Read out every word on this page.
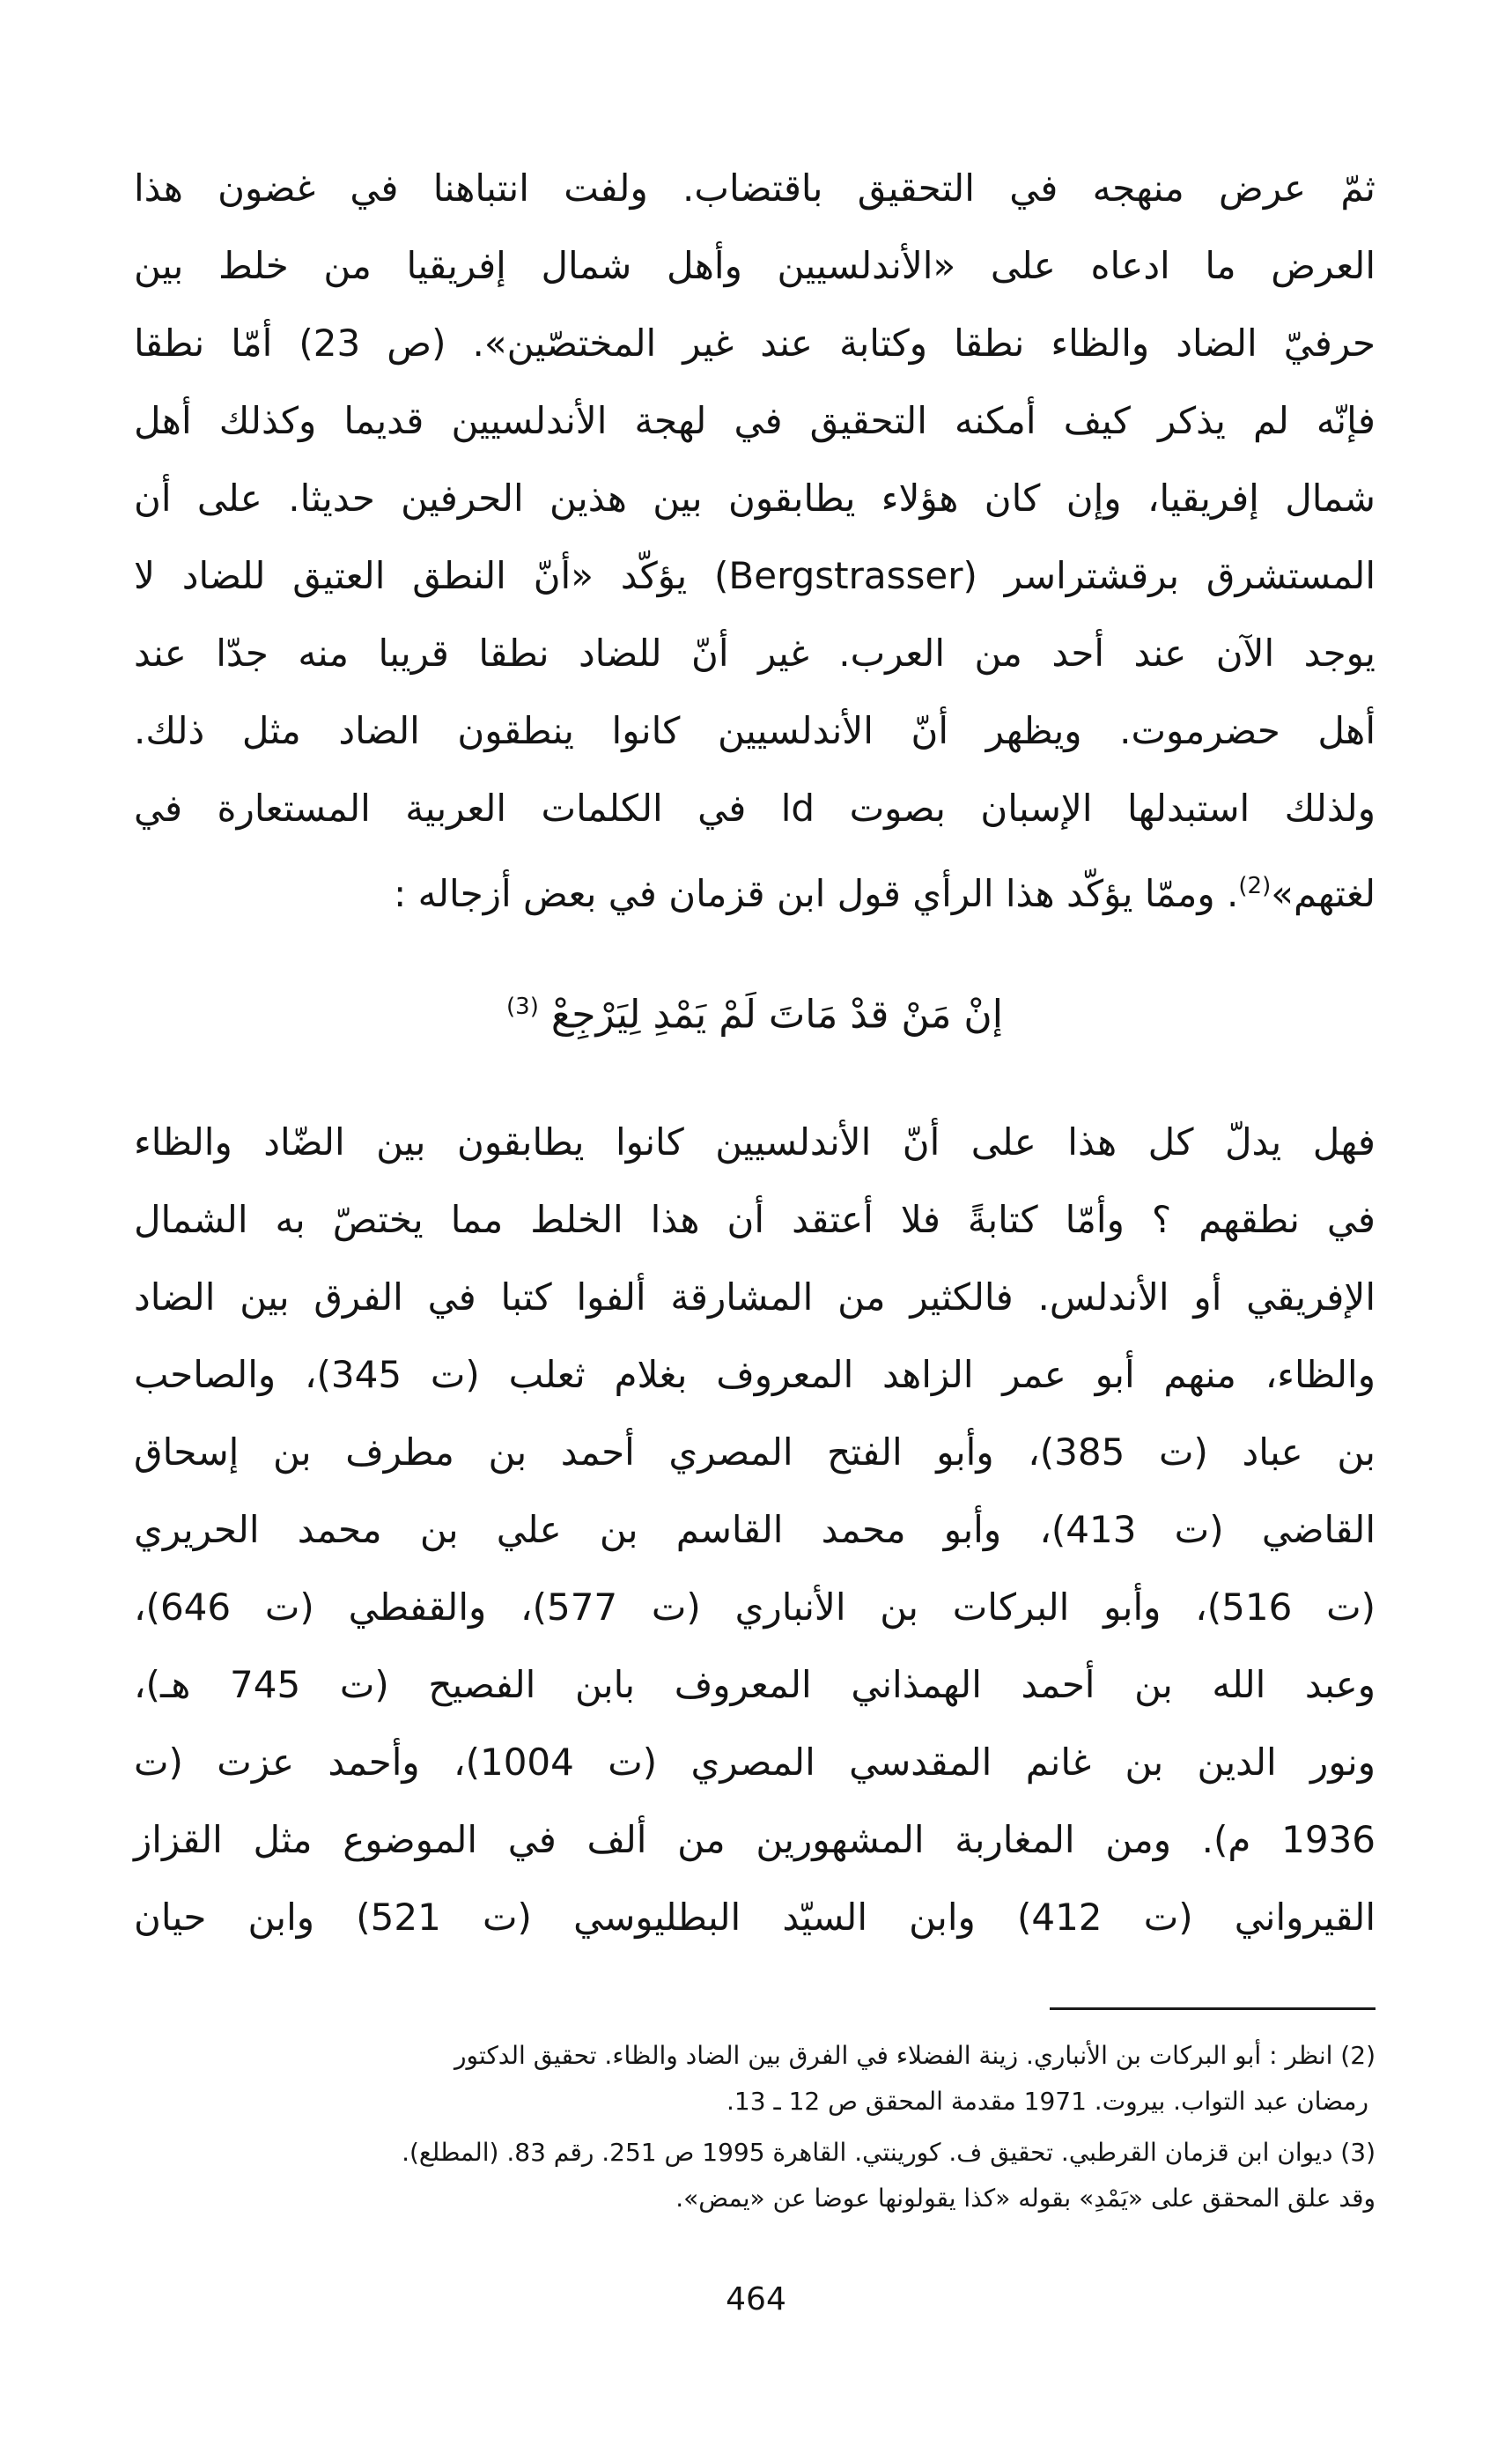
ثمّ عرض منهجه في التحقيق باقتضاب. ولفت انتباهنا في غضون هذا
العرض ما ادعاه على «الأندلسيين وأهل شمال إفريقيا من خلط بين
حرفيّ الضاد والظاء نطقا وكتابة عند غير المختصّين». (ص 23) أمّا نطقا
فإنّه لم يذكر كيف أمكنه التحقيق في لهجة الأندلسيين قديما وكذلك أهل
شمال إفريقيا، وإن كان هؤلاء يطابقون بين هذين الحرفين حديثا. على أن
المستشرق برقشتراسر (Bergstrasser) يؤكّد «أنّ النطق العتيق للضاد لا
يوجد الآن عند أحد من العرب. غير أنّ للضاد نطقا قريبا منه جدّا عند
أهل حضرموت. ويظهر أنّ الأندلسيين كانوا ينطقون الضاد مثل ذلك.
ولذلك استبدلها الإسبان بصوت ld في الكلمات العربية المستعارة في
لغتهم»$^{(2)}$. وممّا يؤكّد هذا الرأي قول ابن قزمان في بعض أزجاله :

إنْ مَنْ قدْ مَاتَ لَمْ يَمْدِ لِيَرْجِعْ $^{(3)}$

فهل يدلّ كل هذا على أنّ الأندلسيين كانوا يطابقون بين الضّاد والظاء
في نطقهم ؟ وأمّا كتابةً فلا أعتقد أن هذا الخلط مما يختصّ به الشمال
الإفريقي أو الأندلس. فالكثير من المشارقة ألفوا كتبا في الفرق بين الضاد
والظاء، منهم أبو عمر الزاهد المعروف بغلام ثعلب (ت 345)، والصاحب
بن عباد (ت 385)، وأبو الفتح المصري أحمد بن مطرف بن إسحاق
القاضي (ت 413)، وأبو محمد القاسم بن علي بن محمد الحريري
(ت 516)، وأبو البركات بن الأنباري (ت 577)، والقفطي (ت 646)،
وعبد الله بن أحمد الهمذاني المعروف بابن الفصيح (ت 745 هـ)،
ونور الدين بن غانم المقدسي المصري (ت 1004)، وأحمد عزت (ت
1936 م). ومن المغاربة المشهورين من ألف في الموضوع مثل القزاز
القيرواني (ت 412) وابن السيّد البطليوسي (ت 521) وابن حيان

(2) انظر : أبو البركات بن الأنباري. زينة الفضلاء في الفرق بين الضاد والظاء. تحقيق الدكتور
رمضان عبد التواب. بيروت. 1971 مقدمة المحقق ص 12 ـ 13.
(3) ديوان ابن قزمان القرطبي. تحقيق ف. كورينتي. القاهرة 1995 ص 251. رقم 83. (المطلع).
وقد علق المحقق على «يَمْدِ» بقوله «كذا يقولونها عوضا عن «يمض».
464
